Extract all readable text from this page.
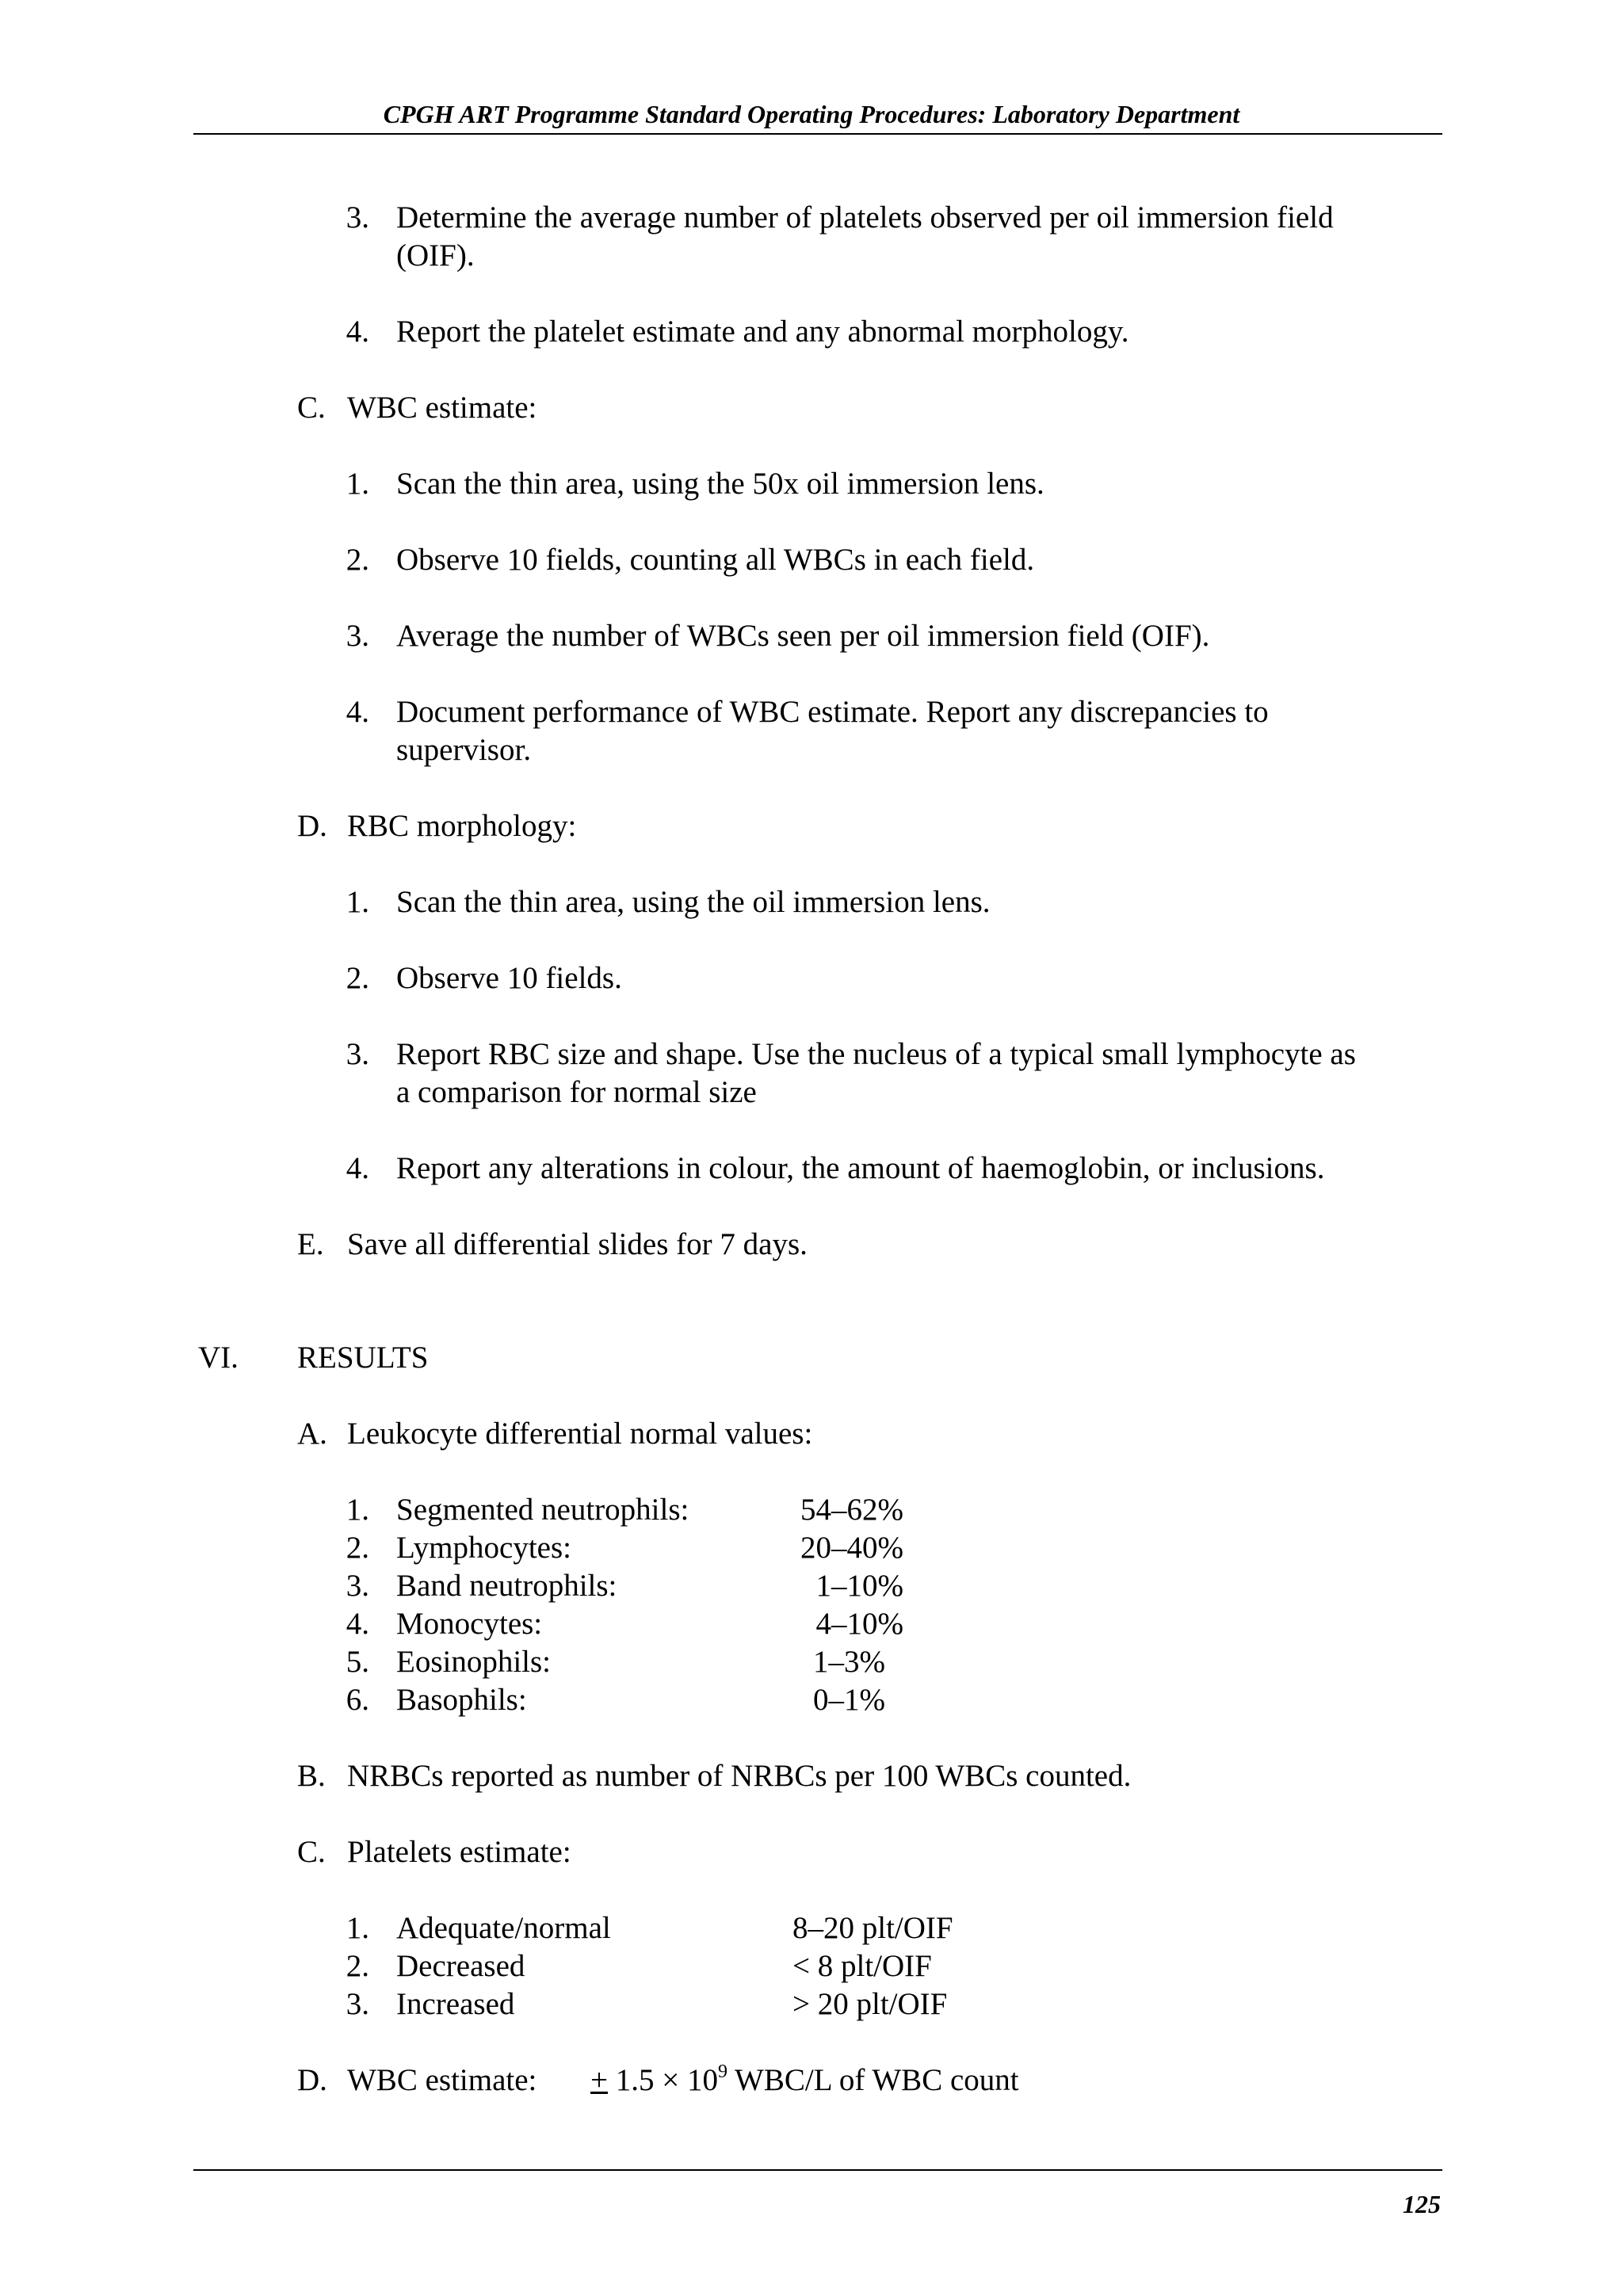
CPGH ART Programme Standard Operating Procedures: Laboratory Department
3. Determine the average number of platelets observed per oil immersion field
(OIF).
4. Report the platelet estimate and any abnormal morphology.
C. WBC estimate:
1. Scan the thin area, using the 50x oil immersion lens.
2. Observe 10 fields, counting all WBCs in each field.
3. Average the number of WBCs seen per oil immersion field (OIF).
4. Document performance of WBC estimate. Report any discrepancies to
supervisor.
D. RBC morphology:
1. Scan the thin area, using the oil immersion lens.
2. Observe 10 fields.
3. Report RBC size and shape. Use the nucleus of a typical small lymphocyte as
a comparison for normal size
4. Report any alterations in colour, the amount of haemoglobin, or inclusions.
E. Save all differential slides for 7 days.
VI. RESULTS
A. Leukocyte differential normal values:
1. Segmented neutrophils:	54–62%
2. Lymphocytes:	20–40%
3. Band neutrophils:	1–10%
4. Monocytes:	4–10%
5. Eosinophils:	1–3%
6. Basophils:	0–1%
B. NRBCs reported as number of NRBCs per 100 WBCs counted.
C. Platelets estimate:
1. Adequate/normal	8–20 plt/OIF
2. Decreased	< 8 plt/OIF
3. Increased	> 20 plt/OIF
D. WBC estimate: + $1.5 \times 10^9$ WBC/L of WBC count
125
